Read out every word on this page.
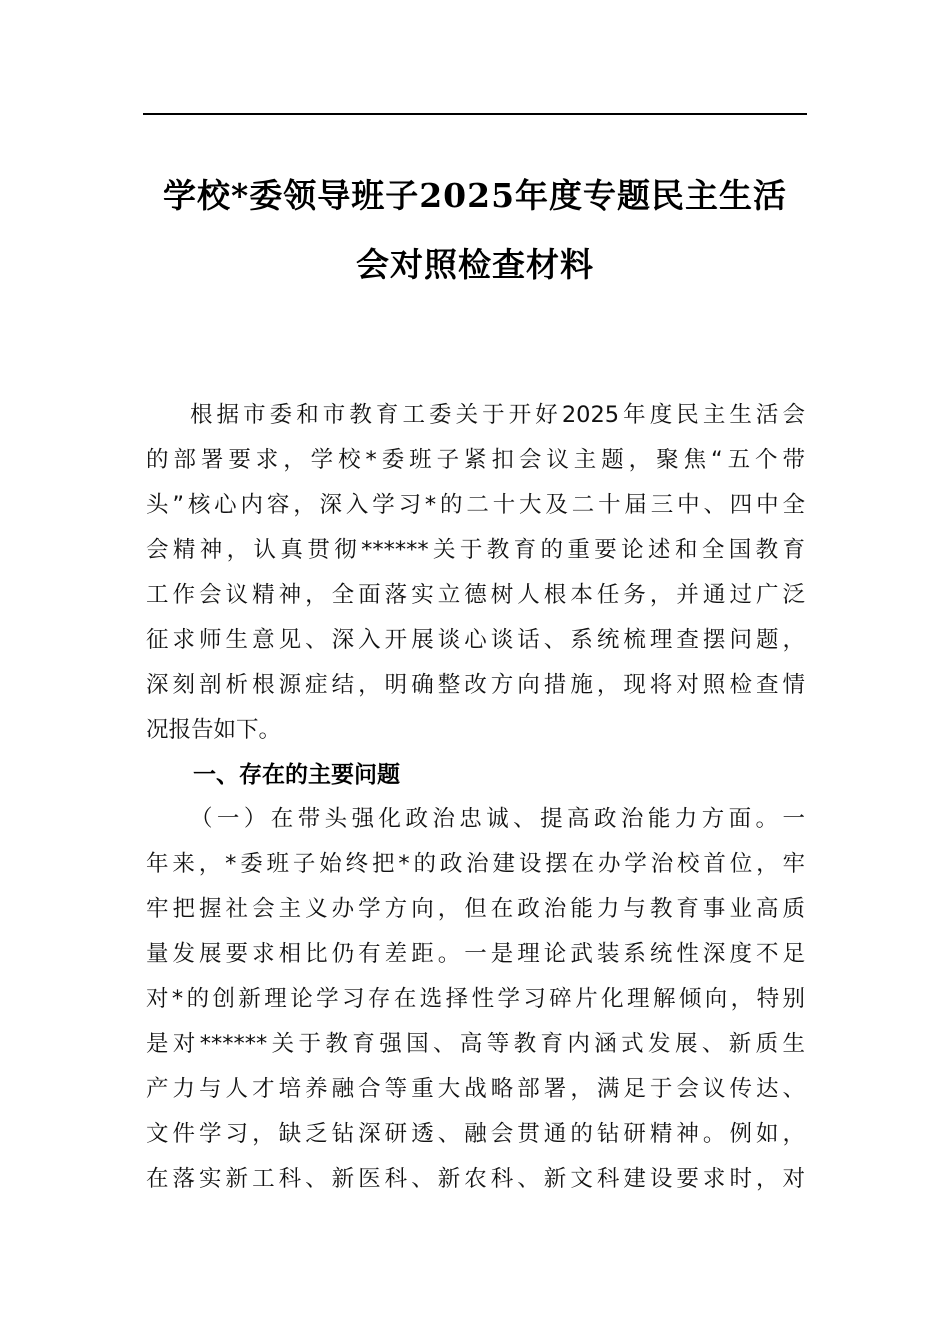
学校*委领导班子2025年度专题民主生活
会对照检查材料
根据市委和市教育工委关于开好2025年度民主生活会
的部署要求，学校*委班子紧扣会议主题，聚焦“五个带
头”核心内容，深入学习*的二十大及二十届三中、四中全
会精神，认真贯彻******关于教育的重要论述和全国教育
工作会议精神，全面落实立德树人根本任务，并通过广泛
征求师生意见、深入开展谈心谈话、系统梳理查摆问题，
深刻剖析根源症结，明确整改方向措施，现将对照检查情
况报告如下。
一、存在的主要问题
（一）在带头强化政治忠诚、提高政治能力方面。一
年来，*委班子始终把*的政治建设摆在办学治校首位，牢
牢把握社会主义办学方向，但在政治能力与教育事业高质
量发展要求相比仍有差距。一是理论武装系统性深度不足
对*的创新理论学习存在选择性学习碎片化理解倾向，特别
是对******关于教育强国、高等教育内涵式发展、新质生
产力与人才培养融合等重大战略部署，满足于会议传达、
文件学习，缺乏钻深研透、融会贯通的钻研精神。例如，
在落实新工科、新医科、新农科、新文科建设要求时，对
